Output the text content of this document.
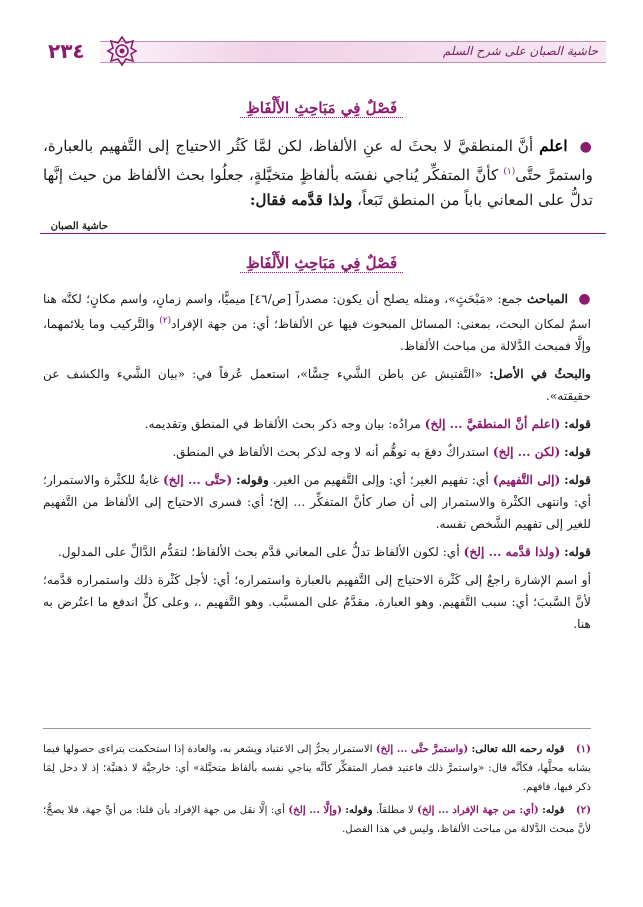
٢٣٤	حاشية الصبان على شرح السلم
فَصْلٌ فِي مَبَاحِثِ الأَلْفَاظِ
● اعلم أنَّ المنطقيَّ لا بحثَ له عنِ الألفاظ، لكن لمَّا كَثُر الاحتياج إلى التَّفهيم بالعبارة، واستمرَّ حتَّى$^{(١)}$ كأنَّ المتفكِّر يُناجي نفسَه بألفاظٍ متخيَّلةٍ، جعلُوا بحث الألفاظ من حيث إنَّها تدلُّ على المعاني باباً من المنطق تَبَعاً، ولذا قدَّمه فقال:
حاشية الصبان
فَصْلٌ فِي مَبَاحِثِ الأَلْفَاظِ

● المباحث جمع: «مَبْحَثٍ»، ومثله يصلح أن يكون: مصدراً [ص/٤٦] ميميًّا، واسم زمانٍ، واسم مكانٍ؛ لكنَّه هنا اسمٌ لمكان البحث، بمعنى: المسائل المبحوث فيها عن الألفاظ؛ أي: من جهة الإفراد$^{(٢)}$ والتَّركيب وما يلائمهما، وإلَّا فمبحث الدَّلالة من مباحث الألفاظ.

والبحثُ في الأصل: «التَّفتيش عن باطن الشَّيء حِسًّا»، استعمل عُرفاً في: «بيان الشَّيء والكشف عن حقيقته».

قوله: (اعلم أنَّ المنطقيَّ ... إلخ) مرادُه: بيان وجه ذكر بحث الألفاظ في المنطق وتقديمه.

قوله: (لكن ... إلخ) استدراكٌ دفعَ به توهُّم أنه لا وجه لذكر بحث الألفاظ في المنطق.

قوله: (إلى التَّفهيم) أي: تفهيم الغير؛ أي: وإلى التَّفهيم من الغير. وقوله: (حتَّى ... إلخ) غايةٌ للكثْرة والاستمرار؛ أي: وانتهى الكثْرة والاستمرار إلى أن صار كأنَّ المتفكِّر ... إلخ؛ أي: فسرى الاحتياج إلى الألفاظ من التَّفهيم للغير إلى تفهيم الشَّخص نفسه.

قوله: (ولذا قدَّمه ... إلخ) أي: لكون الألفاظ تدلُّ على المعاني قدَّم بحث الألفاظ؛ لتقدُّم الدَّالِّ على المدلول.

أو اسم الإشارة راجعٌ إلى كَثْرة الاحتياج إلى التَّفهيم بالعبارة واستمراره؛ أي: لأجل كَثْرة ذلك واستمراره قدَّمه؛ لأنَّ السَّببَ؛ أي: سبب التَّفهيم. وهو العبارة. مقدَّمٌ على المسبَّب. وهو التَّفهيم .، وعلى كلٍّ اندفع ما اعتُرض به هنا.

(١) قوله رحمه الله تعالى: (واستمرَّ حتَّى ... إلخ) الاستمرار يجرُّ إلى الاعتياد ويشعر به، والعادة إذا استحكمت يتراءى حصولها فيما يشابه محلَّها، فكأنَّه قال: «واستمرَّ ذلك فاعتيد فصار المتفكِّر كأنَّه يناجي نفسه بألفاظ متخيَّلة» أي: خارجيَّة لا ذهنيَّة؛ إذ لا دخل لِمَا ذكر فيها، فافهم.
(٢) قوله: (أي: من جهة الإفراد ... إلخ) لا مطلقاً. وقوله: (وإلَّا ... إلخ) أي: إلَّا نقل من جهة الإفراد بأن قلنا: من أيِّ جهة، فلا يصحُّ؛ لأنَّ مبحث الدَّلالة من مباحث الألفاظ، وليس في هذا الفصل.
